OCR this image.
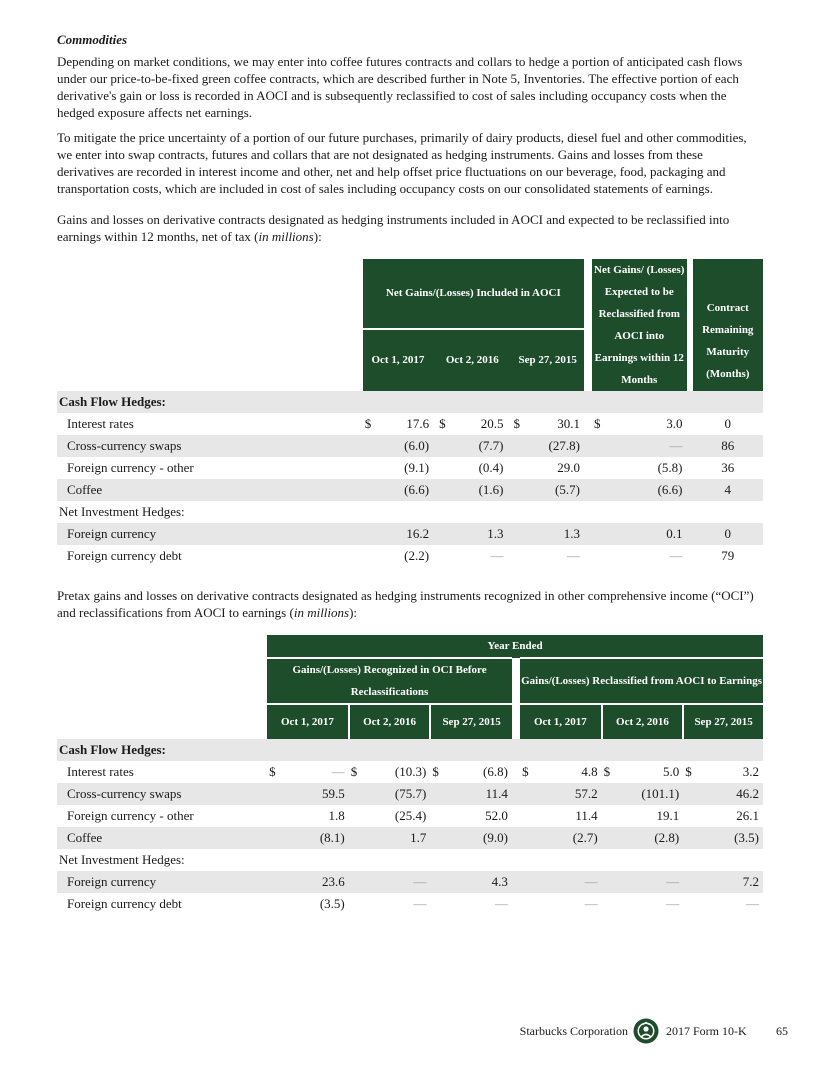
Commodities

Depending on market conditions, we may enter into coffee futures contracts and collars to hedge a portion of anticipated cash flows under our price-to-be-fixed green coffee contracts, which are described further in Note 5, Inventories. The effective portion of each derivative's gain or loss is recorded in AOCI and is subsequently reclassified to cost of sales including occupancy costs when the hedged exposure affects net earnings.

To mitigate the price uncertainty of a portion of our future purchases, primarily of dairy products, diesel fuel and other commodities, we enter into swap contracts, futures and collars that are not designated as hedging instruments. Gains and losses from these derivatives are recorded in interest income and other, net and help offset price fluctuations on our beverage, food, packaging and transportation costs, which are included in cost of sales including occupancy costs on our consolidated statements of earnings.

Gains and losses on derivative contracts designated as hedging instruments included in AOCI and expected to be reclassified into earnings within 12 months, net of tax (in millions):

	Net Gains/(Losses) Included in AOCI									Net Gains/ (Losses) Expected to be Reclassified from AOCI into Earnings within 12 Months			Contract Remaining Maturity (Months)
	Oct 1, 2017			Oct 2, 2016			Sep 27, 2015						
Cash Flow Hedges:													
Interest rates	$	17.6		$	20.5		$	30.1		$	3.0		0
Cross-currency swaps		(6.0)			(7.7)			(27.8)			—		86
Foreign currency - other		(9.1)			(0.4)			29.0			(5.8)		36
Coffee		(6.6)			(1.6)			(5.7)			(6.6)		4
Net Investment Hedges:													
Foreign currency		16.2			1.3			1.3			0.1		0
Foreign currency debt		(2.2)			—			—			—		79

Pretax gains and losses on derivative contracts designated as hedging instruments recognized in other comprehensive income (“OCI”) and reclassifications from AOCI to earnings (in millions):

	Year Ended												
	Gains/(Losses) Recognized in OCI Before Reclassifications							Gains/(Losses) Reclassified from AOCI to Earnings					
	Oct 1, 2017		Oct 2, 2016		Sep 27, 2015			Oct 1, 2017		Oct 2, 2016		Sep 27, 2015	
Cash Flow Hedges:													
Interest rates	$	—	$	(10.3)	$	(6.8)		$	4.8	$	5.0	$	3.2
Cross-currency swaps		59.5		(75.7)		11.4			57.2		(101.1)		46.2
Foreign currency - other		1.8		(25.4)		52.0			11.4		19.1		26.1
Coffee		(8.1)		1.7		(9.0)			(2.7)		(2.8)		(3.5)
Net Investment Hedges:													
Foreign currency		23.6		—		4.3			—		—		7.2
Foreign currency debt		(3.5)		—		—			—		—		—
Starbucks Corporation	2017 Form 10-K 65
